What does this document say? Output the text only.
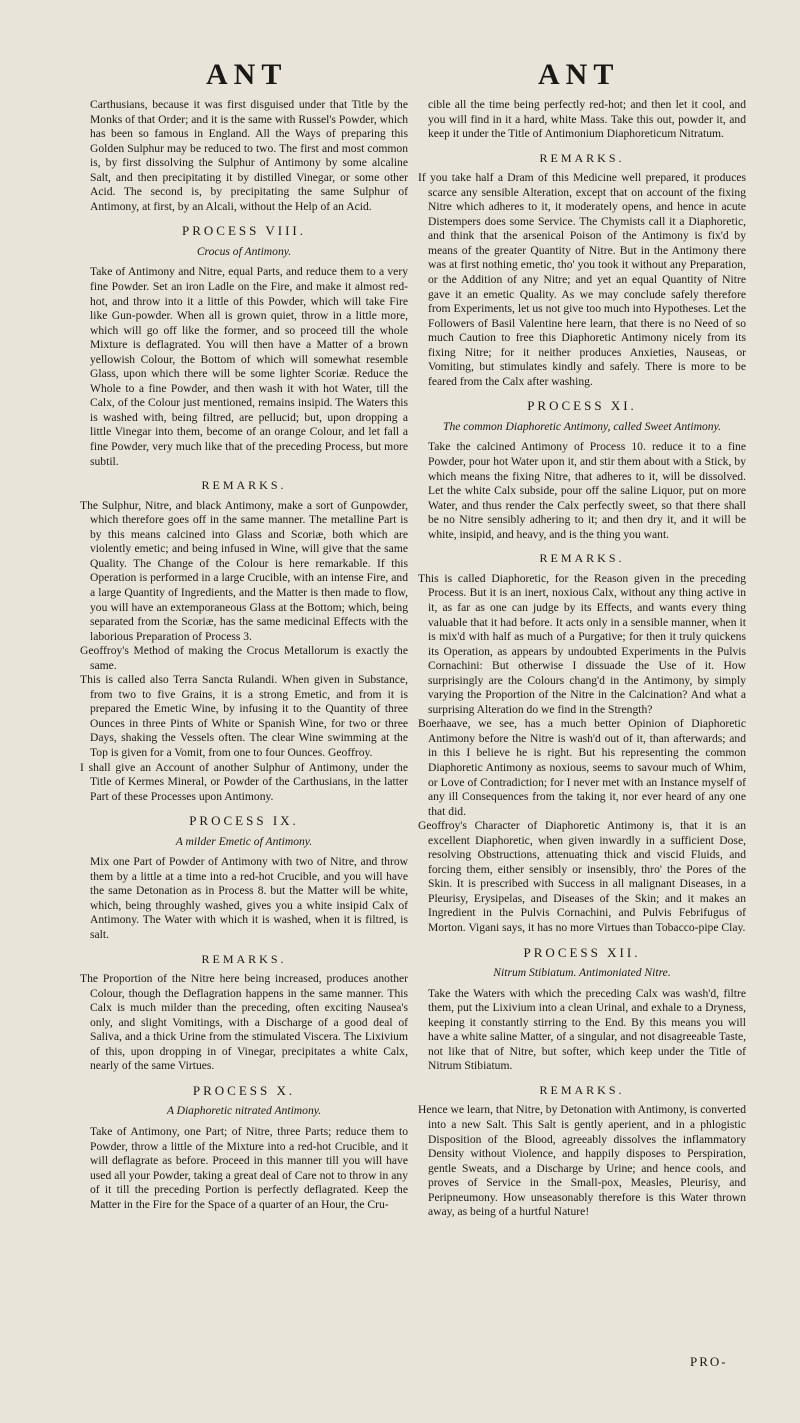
ANT	ANT

Carthusians, because it was first disguised under that Title by the Monks of that Order; and it is the same with Russel's Powder, which has been so famous in England. All the Ways of preparing this Golden Sulphur may be reduced to two. The first and most common is, by first dissolving the Sulphur of Antimony by some alcaline Salt, and then precipitating it by distilled Vinegar, or some other Acid. The second is, by precipitating the same Sulphur of Antimony, at first, by an Alcali, without the Help of an Acid.

PROCESS VIII.
Crocus of Antimony.

Take of Antimony and Nitre, equal Parts, and reduce them to a very fine Powder. Set an iron Ladle on the Fire, and make it almost red-hot, and throw into it a little of this Powder, which will take Fire like Gun-powder. When all is grown quiet, throw in a little more, which will go off like the former, and so proceed till the whole Mixture is deflagrated. You will then have a Matter of a brown yellowish Colour, the Bottom of which will somewhat resemble Glass, upon which there will be some lighter Scoriæ. Reduce the Whole to a fine Powder, and then wash it with hot Water, till the Calx, of the Colour just mentioned, remains insipid. The Waters this is washed with, being filtred, are pellucid; but, upon dropping a little Vinegar into them, become of an orange Colour, and let fall a fine Powder, very much like that of the preceding Process, but more subtil.

REMARKS.

The Sulphur, Nitre, and black Antimony, make a sort of Gunpowder, which therefore goes off in the same manner. The metalline Part is by this means calcined into Glass and Scoriæ, both which are violently emetic; and being infused in Wine, will give that the same Quality. The Change of the Colour is here remarkable. If this Operation is performed in a large Crucible, with an intense Fire, and a large Quantity of Ingredients, and the Matter is then made to flow, you will have an extemporaneous Glass at the Bottom; which, being separated from the Scoriæ, has the same medicinal Effects with the laborious Preparation of Process 3.

Geoffroy's Method of making the Crocus Metallorum is exactly the same.

This is called also Terra Sancta Rulandi. When given in Substance, from two to five Grains, it is a strong Emetic, and from it is prepared the Emetic Wine, by infusing it to the Quantity of three Ounces in three Pints of White or Spanish Wine, for two or three Days, shaking the Vessels often. The clear Wine swimming at the Top is given for a Vomit, from one to four Ounces. Geoffroy.

I shall give an Account of another Sulphur of Antimony, under the Title of Kermes Mineral, or Powder of the Carthusians, in the latter Part of these Processes upon Antimony.

PROCESS IX.
A milder Emetic of Antimony.

Mix one Part of Powder of Antimony with two of Nitre, and throw them by a little at a time into a red-hot Crucible, and you will have the same Detonation as in Process 8. but the Matter will be white, which, being throughly washed, gives you a white insipid Calx of Antimony. The Water with which it is washed, when it is filtred, is salt.

REMARKS.

The Proportion of the Nitre here being increased, produces another Colour, though the Deflagration happens in the same manner. This Calx is much milder than the preceding, often exciting Nausea's only, and slight Vomitings, with a Discharge of a good deal of Saliva, and a thick Urine from the stimulated Viscera. The Lixivium of this, upon dropping in of Vinegar, precipitates a white Calx, nearly of the same Virtues.

PROCESS X.
A Diaphoretic nitrated Antimony.

Take of Antimony, one Part; of Nitre, three Parts; reduce them to Powder, throw a little of the Mixture into a red-hot Crucible, and it will deflagrate as before. Proceed in this manner till you will have used all your Powder, taking a great deal of Care not to throw in any of it till the preceding Portion is perfectly deflagrated. Keep the Matter in the Fire for the Space of a quarter of an Hour, the Cru-

cible all the time being perfectly red-hot; and then let it cool, and you will find in it a hard, white Mass. Take this out, powder it, and keep it under the Title of Antimonium Diaphoreticum Nitratum.

REMARKS.

If you take half a Dram of this Medicine well prepared, it produces scarce any sensible Alteration, except that on account of the fixing Nitre which adheres to it, it moderately opens, and hence in acute Distempers does some Service. The Chymists call it a Diaphoretic, and think that the arsenical Poison of the Antimony is fix'd by means of the greater Quantity of Nitre. But in the Antimony there was at first nothing emetic, tho' you took it without any Preparation, or the Addition of any Nitre; and yet an equal Quantity of Nitre gave it an emetic Quality. As we may conclude safely therefore from Experiments, let us not give too much into Hypotheses. Let the Followers of Basil Valentine here learn, that there is no Need of so much Caution to free this Diaphoretic Antimony nicely from its fixing Nitre; for it neither produces Anxieties, Nauseas, or Vomiting, but stimulates kindly and safely. There is more to be feared from the Calx after washing.

PROCESS XI.
The common Diaphoretic Antimony, called Sweet Antimony.

Take the calcined Antimony of Process 10. reduce it to a fine Powder, pour hot Water upon it, and stir them about with a Stick, by which means the fixing Nitre, that adheres to it, will be dissolved. Let the white Calx subside, pour off the saline Liquor, put on more Water, and thus render the Calx perfectly sweet, so that there shall be no Nitre sensibly adhering to it; and then dry it, and it will be white, insipid, and heavy, and is the thing you want.

REMARKS.

This is called Diaphoretic, for the Reason given in the preceding Process. But it is an inert, noxious Calx, without any thing active in it, as far as one can judge by its Effects, and wants every thing valuable that it had before. It acts only in a sensible manner, when it is mix'd with half as much of a Purgative; for then it truly quickens its Operation, as appears by undoubted Experiments in the Pulvis Cornachini: But otherwise I dissuade the Use of it. How surprisingly are the Colours chang'd in the Antimony, by simply varying the Proportion of the Nitre in the Calcination? And what a surprising Alteration do we find in the Strength?

Boerhaave, we see, has a much better Opinion of Diaphoretic Antimony before the Nitre is wash'd out of it, than afterwards; and in this I believe he is right. But his representing the common Diaphoretic Antimony as noxious, seems to savour much of Whim, or Love of Contradiction; for I never met with an Instance myself of any ill Consequences from the taking it, nor ever heard of any one that did.

Geoffroy's Character of Diaphoretic Antimony is, that it is an excellent Diaphoretic, when given inwardly in a sufficient Dose, resolving Obstructions, attenuating thick and viscid Fluids, and forcing them, either sensibly or insensibly, thro' the Pores of the Skin. It is prescribed with Success in all malignant Diseases, in a Pleurisy, Erysipelas, and Diseases of the Skin; and it makes an Ingredient in the Pulvis Cornachini, and Pulvis Febrifugus of Morton. Vigani says, it has no more Virtues than Tobacco-pipe Clay.

PROCESS XII.
Nitrum Stibiatum. Antimoniated Nitre.

Take the Waters with which the preceding Calx was wash'd, filtre them, put the Lixivium into a clean Urinal, and exhale to a Dryness, keeping it constantly stirring to the End. By this means you will have a white saline Matter, of a singular, and not disagreeable Taste, not like that of Nitre, but softer, which keep under the Title of Nitrum Stibiatum.

REMARKS.

Hence we learn, that Nitre, by Detonation with Antimony, is converted into a new Salt. This Salt is gently aperient, and in a phlogistic Disposition of the Blood, agreeably dissolves the inflammatory Density without Violence, and happily disposes to Perspiration, gentle Sweats, and a Discharge by Urine; and hence cools, and proves of Service in the Small-pox, Measles, Pleurisy, and Peripneumony. How unseasonably therefore is this Water thrown away, as being of a hurtful Nature!

PRO-
